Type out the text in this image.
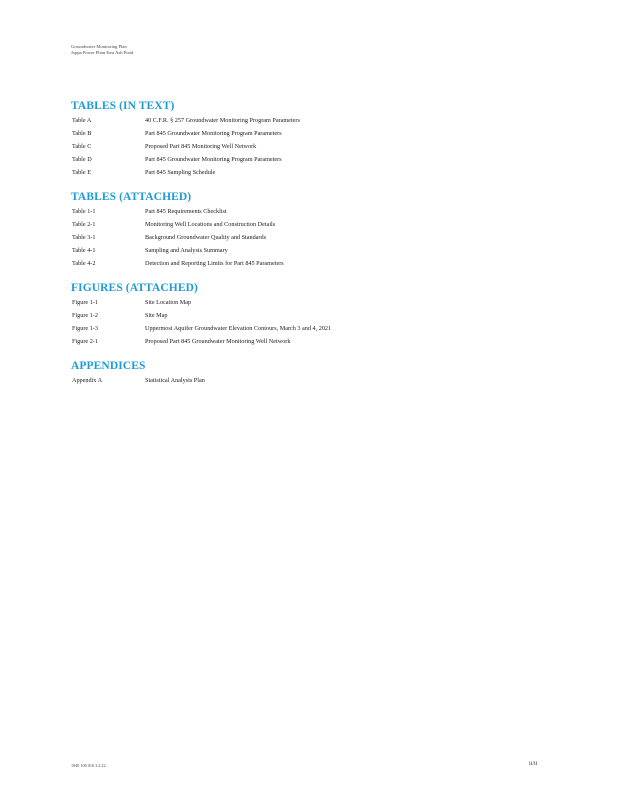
Groundwater Monitoring Plan
Joppa Power Plant East Ash Pond
TABLES (IN TEXT)
Table A	40 C.F.R. § 257 Groundwater Monitoring Program Parameters
Table B	Part 845 Groundwater Monitoring Program Parameters
Table C	Proposed Part 845 Monitoring Well Network
Table D	Part 845 Groundwater Monitoring Program Parameters
Table E	Part 845 Sampling Schedule
TABLES (ATTACHED)
Table 1-1	Part 845 Requirements Checklist
Table 2-1	Monitoring Well Locations and Construction Details
Table 3-1	Background Groundwater Quality and Standards
Table 4-1	Sampling and Analysis Summary
Table 4-2	Detection and Reporting Limits for Part 845 Parameters
FIGURES (ATTACHED)
Figure 1-1	Site Location Map
Figure 1-2	Site Map
Figure 1-3	Uppermost Aquifer Groundwater Elevation Contours, March 3 and 4, 2021
Figure 2-1	Proposed Part 845 Groundwater Monitoring Well Network
APPENDICES
Appendix A	Statistical Analysis Plan
1940 100 016 3.2.22	ii/ii
